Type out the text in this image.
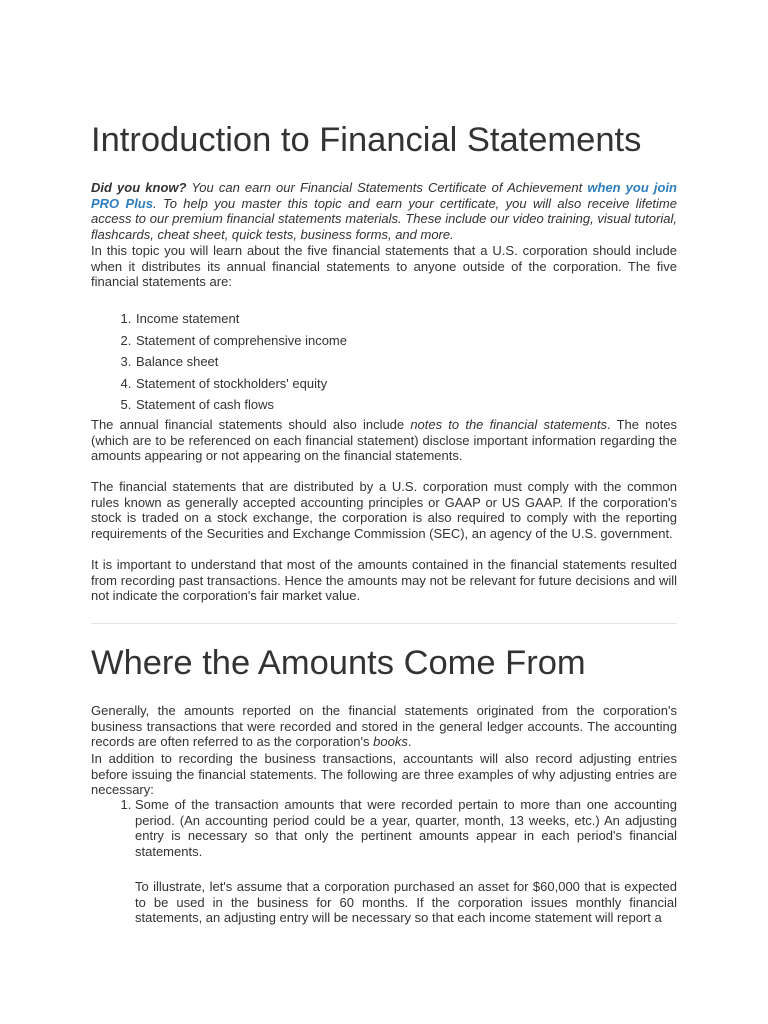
Introduction to Financial Statements

Did you know? You can earn our Financial Statements Certificate of Achievement when you join PRO Plus. To help you master this topic and earn your certificate, you will also receive lifetime access to our premium financial statements materials. These include our video training, visual tutorial, flashcards, cheat sheet, quick tests, business forms, and more.

In this topic you will learn about the five financial statements that a U.S. corporation should include when it distributes its annual financial statements to anyone outside of the corporation. The five financial statements are:

1. Income statement
2. Statement of comprehensive income
3. Balance sheet
4. Statement of stockholders' equity
5. Statement of cash flows

The annual financial statements should also include notes to the financial statements. The notes (which are to be referenced on each financial statement) disclose important information regarding the amounts appearing or not appearing on the financial statements.

The financial statements that are distributed by a U.S. corporation must comply with the common rules known as generally accepted accounting principles or GAAP or US GAAP. If the corporation's stock is traded on a stock exchange, the corporation is also required to comply with the reporting requirements of the Securities and Exchange Commission (SEC), an agency of the U.S. government.

It is important to understand that most of the amounts contained in the financial statements resulted from recording past transactions. Hence the amounts may not be relevant for future decisions and will not indicate the corporation's fair market value.

Where the Amounts Come From

Generally, the amounts reported on the financial statements originated from the corporation's business transactions that were recorded and stored in the general ledger accounts. The accounting records are often referred to as the corporation's books.

In addition to recording the business transactions, accountants will also record adjusting entries before issuing the financial statements. The following are three examples of why adjusting entries are necessary:

1. Some of the transaction amounts that were recorded pertain to more than one accounting period. (An accounting period could be a year, quarter, month, 13 weeks, etc.) An adjusting entry is necessary so that only the pertinent amounts appear in each period's financial statements.

To illustrate, let's assume that a corporation purchased an asset for $60,000 that is expected to be used in the business for 60 months. If the corporation issues monthly financial statements, an adjusting entry will be necessary so that each income statement will report a
